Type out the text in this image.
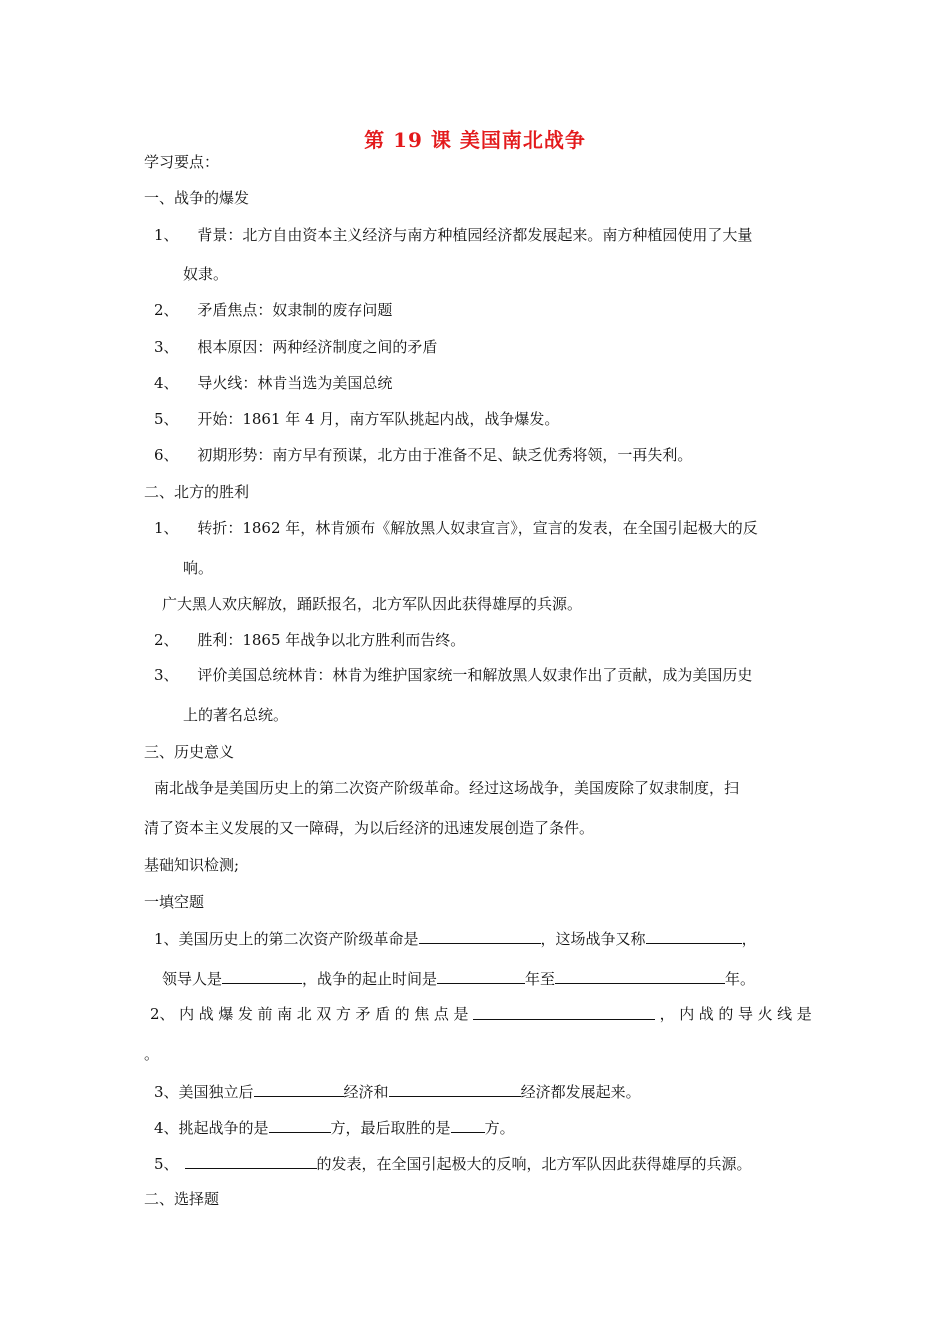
第 19 课 美国南北战争
学习要点：
一、战争的爆发
1、 背景：北方自由资本主义经济与南方种植园经济都发展起来。南方种植园使用了大量
奴隶。
2、 矛盾焦点：奴隶制的废存问题
3、 根本原因：两种经济制度之间的矛盾
4、 导火线：林肯当选为美国总统
5、 开始：1861 年 4 月，南方军队挑起内战，战争爆发。
6、 初期形势：南方早有预谋，北方由于准备不足、缺乏优秀将领，一再失利。
二、北方的胜利
1、 转折：1862 年，林肯颁布《解放黑人奴隶宣言》，宣言的发表，在全国引起极大的反
响。
广大黑人欢庆解放，踊跃报名，北方军队因此获得雄厚的兵源。
2、 胜利：1865 年战争以北方胜利而告终。
3、 评价美国总统林肯：林肯为维护国家统一和解放黑人奴隶作出了贡献，成为美国历史
上的著名总统。
三、历史意义
南北战争是美国历史上的第二次资产阶级革命。经过这场战争，美国废除了奴隶制度，扫
清了资本主义发展的又一障碍，为以后经济的迅速发展创造了条件。
基础知识检测;
一填空题
1、美国历史上的第二次资产阶级革命是	，这场战争又称	，
领导人是	，战争的起止时间是	年至	年。
2、 内 战 爆 发 前 南 北 双 方 矛 盾 的 焦 点 是	， 内 战 的 导 火 线 是
。
3、美国独立后	经济和	经济都发展起来。
4、挑起战争的是	方，最后取胜的是 方。
5、	的发表，在全国引起极大的反响，北方军队因此获得雄厚的兵源。
二、选择题
